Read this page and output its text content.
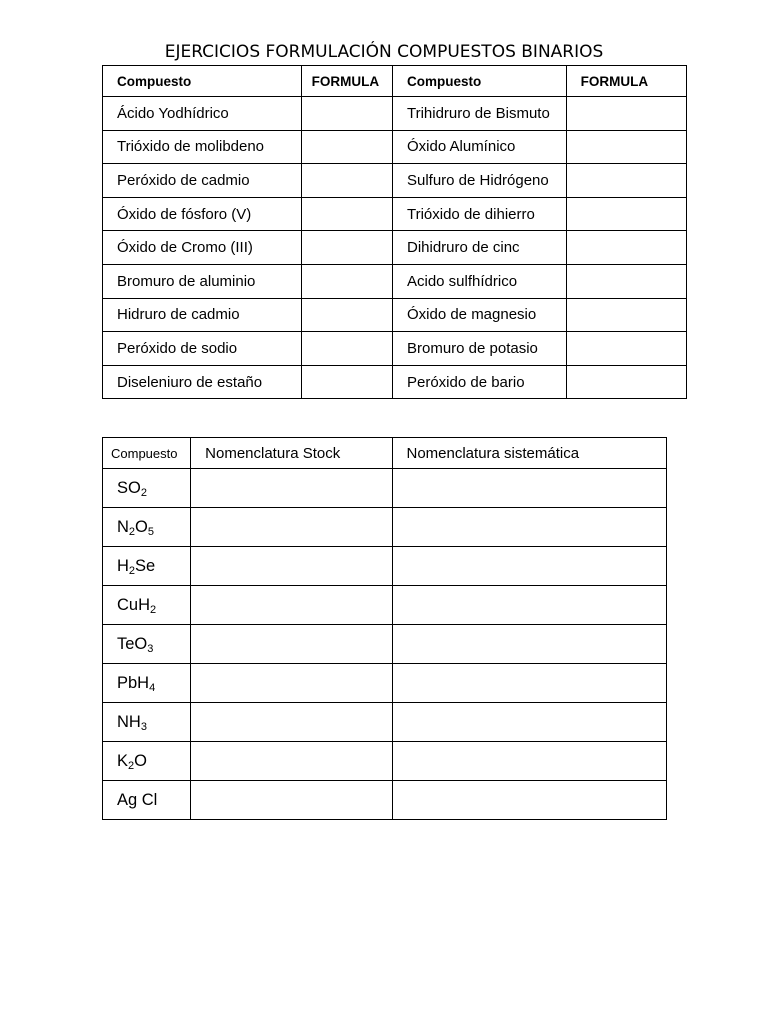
EJERCICIOS FORMULACIÓN COMPUESTOS BINARIOS
Compuesto	FORMULA	Compuesto	FORMULA
Ácido Yodhídrico		Trihidruro de Bismuto	
Trióxido de molibdeno		Óxido Alumínico	
Peróxido de cadmio		Sulfuro de Hidrógeno	
Óxido de fósforo (V)		Trióxido de dihierro	
Óxido de Cromo (III)		Dihidruro de cinc	
Bromuro de aluminio		Acido sulfhídrico	
Hidruro de cadmio		Óxido de magnesio	
Peróxido de sodio		Bromuro de potasio	
Diseleniuro de estaño		Peróxido de bario	
Compuesto	Nomenclatura Stock	Nomenclatura sistemática
$SO_2$		
$N_2O_5$		
$H_2Se$		
CuH$_2$		
TeO$_3$		
PbH$_4$		
$NH_3$		
$K_2O$		
Ag Cl		
